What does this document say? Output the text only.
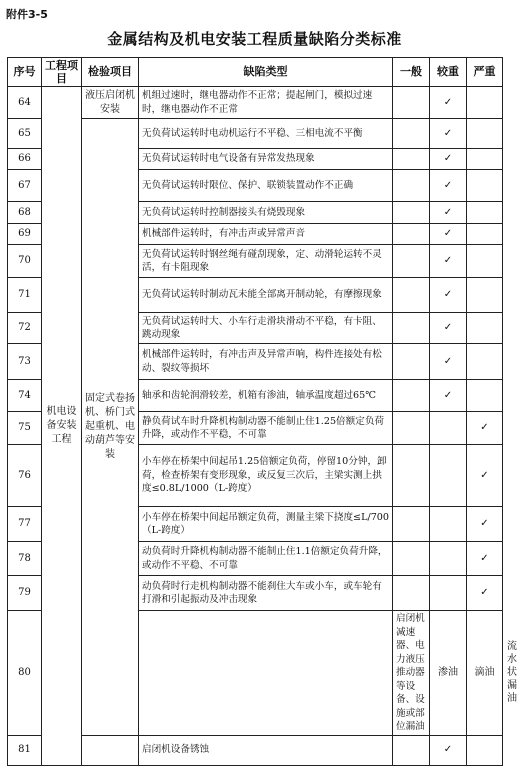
附件3-5
金属结构及机电安装工程质量缺陷分类标准
序号	工程项目	检验项目	缺陷类型	一般	较重	严重	
64	机电设备安装工程	液压启闭机安装	机组过速时，继电器动作不正常；提起闸门，模拟过速时，继电器动作不正常		✓		
65		固定式卷扬机、桥门式起重机、电动葫芦等安装	无负荷试运转时电动机运行不平稳、三相电流不平衡		✓		
66			无负荷试运转时电气设备有异常发热现象		✓		
67			无负荷试运转时限位、保护、联锁装置动作不正确		✓		
68			无负荷试运转时控制器接头有烧毁现象		✓		
69			机械部件运转时，有冲击声或异常声音		✓		
70			无负荷试运转时钢丝绳有碰刮现象，定、动滑轮运转不灵活，有卡阻现象		✓		
71			无负荷试运转时制动瓦未能全部离开制动轮，有摩擦现象		✓		
72			无负荷试运转时大、小车行走滑块滑动不平稳，有卡阻、跳动现象		✓		
73			机械部件运转时，有冲击声及异常声响，构件连接处有松动、裂纹等损坏		✓		
74			轴承和齿轮润滑较差，机箱有渗油，轴承温度超过65℃		✓		
75			静负荷试车时升降机构制动器不能制止住1.25倍额定负荷升降，或动作不平稳，不可靠			✓	
76			小车停在桥架中间起吊1.25倍额定负荷，停留10分钟，卸荷，检查桥架有变形现象，或反复三次后，主梁实测上拱度≤0.8L/1000（L-跨度）			✓	
77			小车停在桥架中间起吊额定负荷，测量主梁下挠度≤L/700（L-跨度）			✓	
78			动负荷时升降机构制动器不能制止住1.1倍额定负荷升降，或动作不平稳、不可靠			✓	
79			动负荷时行走机构制动器不能刹住大车或小车，或车轮有打滑和引起振动及冲击现象			✓	
80				启闭机减速器、电力液压推动器等设备、设施或部位漏油	渗油	滴油	流水状漏油
81			启闭机设备锈蚀		✓		
